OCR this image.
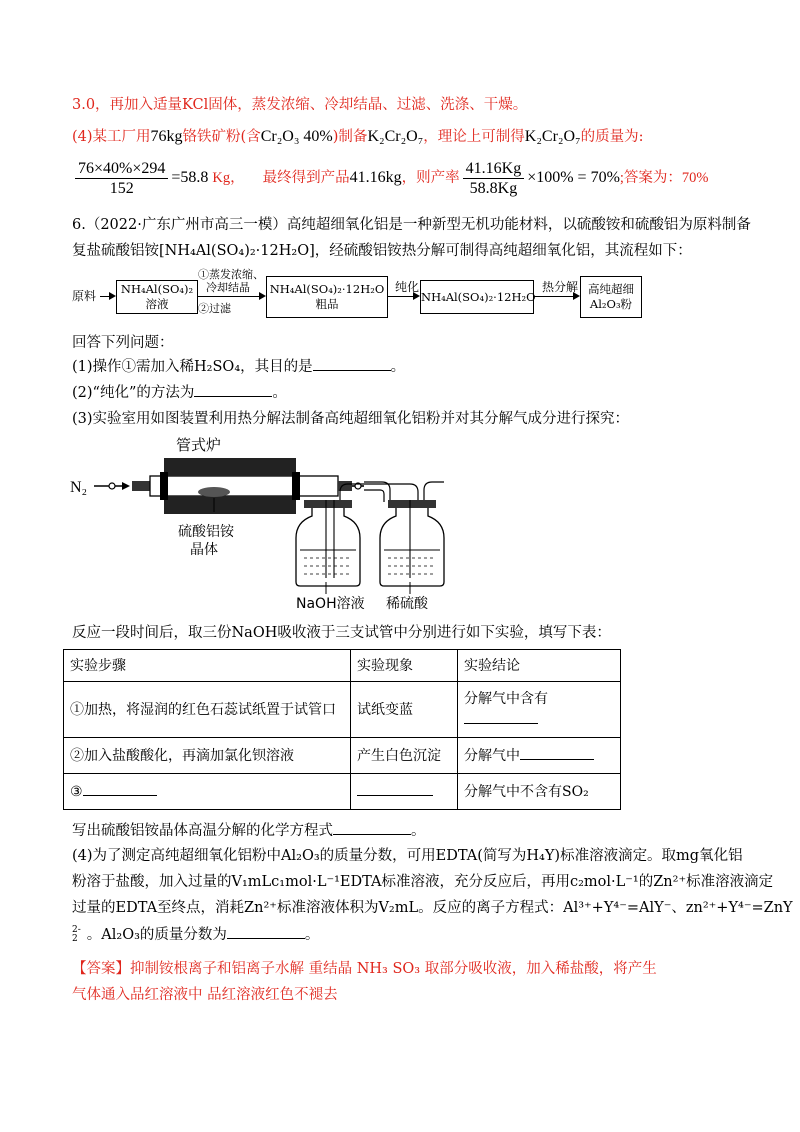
3.0，再加入适量KCl固体，蒸发浓缩、冷却结晶、过滤、洗涤、干燥。
(4)某工厂用76kg铬铁矿粉(含Cr₂O₃ 40%)制备K₂Cr₂O₇，理论上可制得K₂Cr₂O₇的质量为:
$\frac{76\times 40\%\times 294}{152} =58.8$ Kg， 最终得到产品41.16kg，则产率 $\frac{41.16Kg}{58.8Kg} \times 100\% = 70\%$;答案为：70%
6.（2022·广东广州市高三一模）高纯超细氧化铝是一种新型无机功能材料，以硫酸铵和硫酸铝为原料制备
复盐硫酸铝铵[NH₄Al(SO₄)₂·12H₂O]，经硫酸铝铵热分解可制得高纯超细氧化铝，其流程如下：
原料	NH₄Al(SO₄)₂
溶液
①蒸发浓缩、
冷却结晶
②过滤
NH₄Al(SO₄)₂·12H₂O
粗品
纯化
NH₄Al(SO₄)₂·12H₂O
热分解 高纯超细
Al₂O₃粉
回答下列问题：
(1)操作①需加入稀H₂SO₄，其目的是	。
(2)“纯化”的方法为	。
(3)实验室用如图装置利用热分解法制备高纯超细氧化铝粉并对其分解气成分进行探究：
管式炉
N₂
硫酸铝铵
晶体
NaOH溶液 稀硫酸
反应一段时间后，取三份NaOH吸收液于三支试管中分别进行如下实验，填写下表：
实验步骤	实验现象	实验结论
①加热，将湿润的红色石蕊试纸置于试管口	试纸变蓝	分解气中含有

②加入盐酸酸化，再滴加氯化钡溶液	产生白色沉淀	分解气中
③		分解气中不含有SO₂
写出硫酸铝铵晶体高温分解的化学方程式	。
(4)为了测定高纯超细氧化铝粉中Al₂O₃的质量分数，可用EDTA(简写为H₄Y)标准溶液滴定。取mg氧化铝
粉溶于盐酸，加入过量的V₁mLc₁mol·L⁻¹EDTA标准溶液，充分反应后，再用c₂mol·L⁻¹的Zn²⁺标准溶液滴定
过量的EDTA至终点，消耗Zn²⁺标准溶液体积为V₂mL。反应的离子方程式：Al³⁺+Y⁴⁻=AlY⁻、zn²⁺+Y⁴⁻=ZnY
2-
2 。Al₂O₃的质量分数为	。
【答案】抑制铵根离子和铝离子水解 重结晶 NH₃ SO₃ 取部分吸收液，加入稀盐酸，将产生
气体通入品红溶液中 品红溶液红色不褪去
